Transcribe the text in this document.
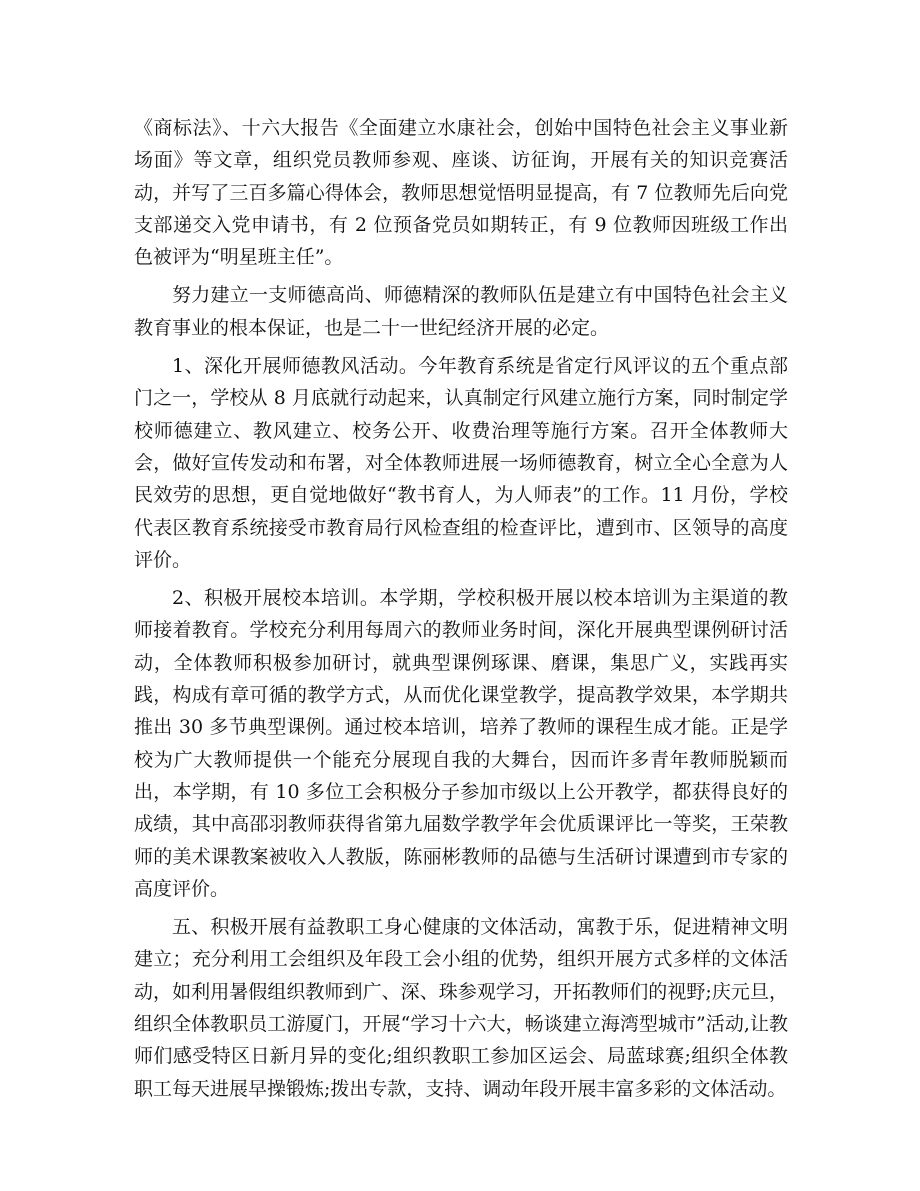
《商标法》、十六大报告《全面建立水康社会，创始中国特色社会主义事业新场面》等文章，组织党员教师参观、座谈、访征询，开展有关的知识竞赛活动，并写了三百多篇心得体会，教师思想觉悟明显提高，有 7 位教师先后向党支部递交入党申请书，有 2 位预备党员如期转正，有 9 位教师因班级工作出色被评为“明星班主任”。

努力建立一支师德高尚、师德精深的教师队伍是建立有中国特色社会主义教育事业的根本保证，也是二十一世纪经济开展的必定。

1、深化开展师德教风活动。今年教育系统是省定行风评议的五个重点部门之一，学校从 8 月底就行动起来，认真制定行风建立施行方案，同时制定学校师德建立、教风建立、校务公开、收费治理等施行方案。召开全体教师大会，做好宣传发动和布署，对全体教师进展一场师德教育，树立全心全意为人民效劳的思想，更自觉地做好“教书育人，为人师表”的工作。11 月份，学校代表区教育系统接受市教育局行风检查组的检查评比，遭到市、区领导的高度评价。

2、积极开展校本培训。本学期，学校积极开展以校本培训为主渠道的教师接着教育。学校充分利用每周六的教师业务时间，深化开展典型课例研讨活动，全体教师积极参加研讨，就典型课例琢课、磨课，集思广义，实践再实践，构成有章可循的教学方式，从而优化课堂教学，提高教学效果，本学期共推出 30 多节典型课例。通过校本培训，培养了教师的课程生成才能。正是学校为广大教师提供一个能充分展现自我的大舞台，因而许多青年教师脱颖而出，本学期，有 10 多位工会积极分子参加市级以上公开教学，都获得良好的成绩，其中高邵羽教师获得省第九届数学教学年会优质课评比一等奖，王荣教师的美术课教案被收入人教版，陈丽彬教师的品德与生活研讨课遭到市专家的高度评价。

五、积极开展有益教职工身心健康的文体活动，寓教于乐，促进精神文明建立；充分利用工会组织及年段工会小组的优势，组织开展方式多样的文体活动，如利用暑假组织教师到广、深、珠参观学习，开拓教师们的视野;庆元旦，组织全体教职员工游厦门，开展“学习十六大，畅谈建立海湾型城市”活动,让教师们感受特区日新月异的变化;组织教职工参加区运会、局蓝球赛;组织全体教职工每天进展早操锻炼;拨出专款，支持、调动年段开展丰富多彩的文体活动。
